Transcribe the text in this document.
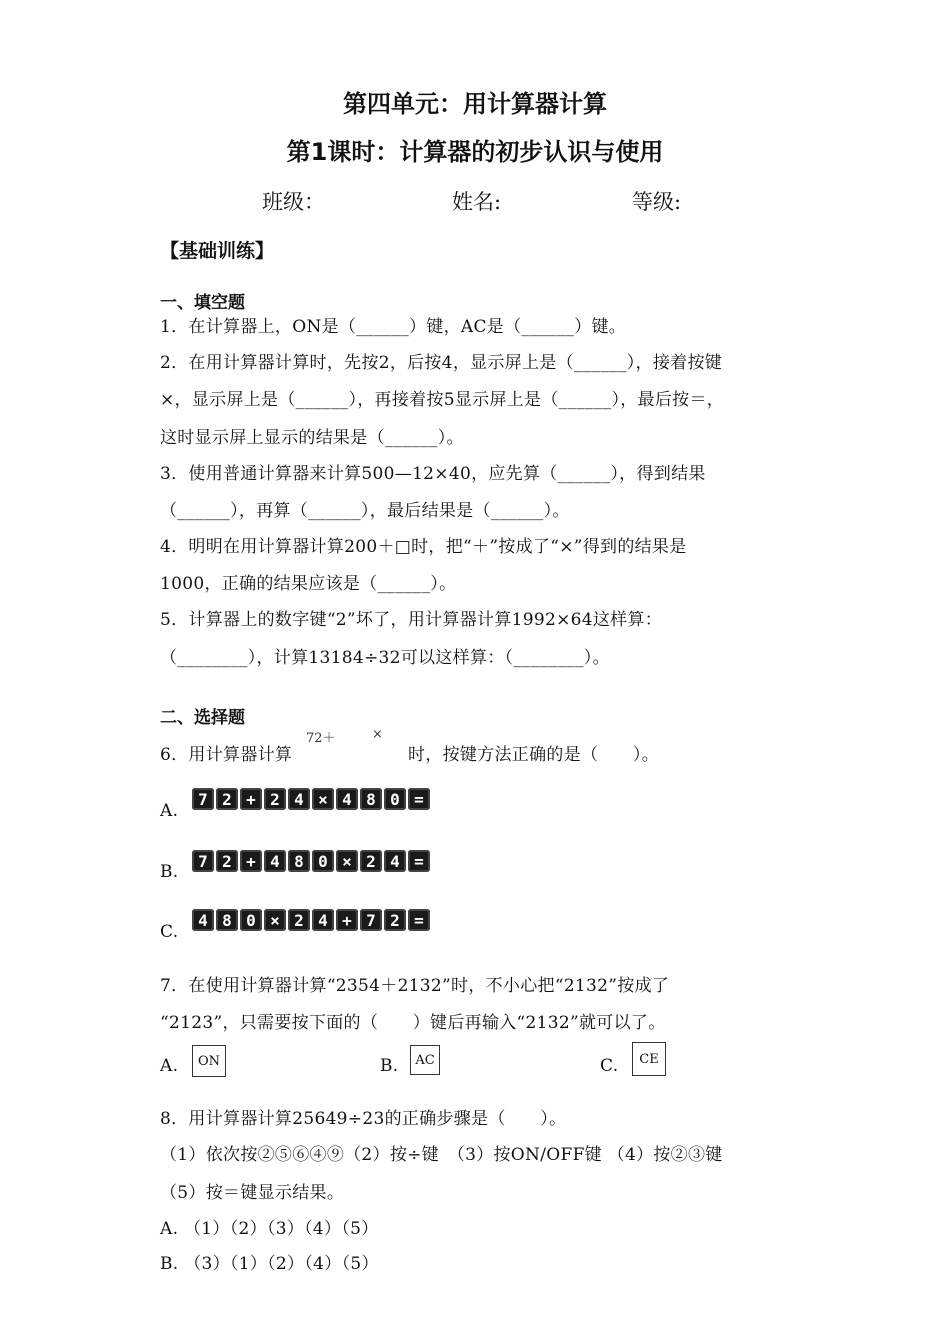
第四单元：用计算器计算
第1课时：计算器的初步认识与使用
班级：	姓名:	等级:
【基础训练】
一、填空题
1．在计算器上，ON是（______）键，AC是（______）键。
2．在用计算器计算时，先按2，后按4，显示屏上是（______），接着按键
×，显示屏上是（______），再接着按5显示屏上是（______），最后按＝，
这时显示屏上显示的结果是（______）。
3．使用普通计算器来计算500—12×40，应先算（______），得到结果
（______），再算（______），最后结果是（______）。
4．明明在用计算器计算200＋□时，把“＋”按成了“×”得到的结果是
1000，正确的结果应该是（______）。
5．计算器上的数字键“2”坏了，用计算器计算1992×64这样算：
（________），计算13184÷32可以这样算：（________）。
二、选择题
6．用计算器计算
72＋	×
时，按键方法正确的是（　　）。
A.
7 2 + 2 4 × 4 8 0 =
B.
7 2 + 4 8 0 × 2 4 =
C.
4 8 0 × 2 4 + 7 2 =
7．在使用计算器计算“2354＋2132”时，不小心把“2132”按成了
“2123”，只需要按下面的（　　）键后再输入“2132”就可以了。
A.	ON	B.	AC	C.	CE
8．用计算器计算25649÷23的正确步骤是（　　）。
（1）依次按②⑤⑥④⑨（2）按÷键　（3）按ON/OFF键 （4）按②③键
（5）按＝键显示结果。
A. （1）（2）（3）（4）（5）
B. （3）（1）（2）（4）（5）
